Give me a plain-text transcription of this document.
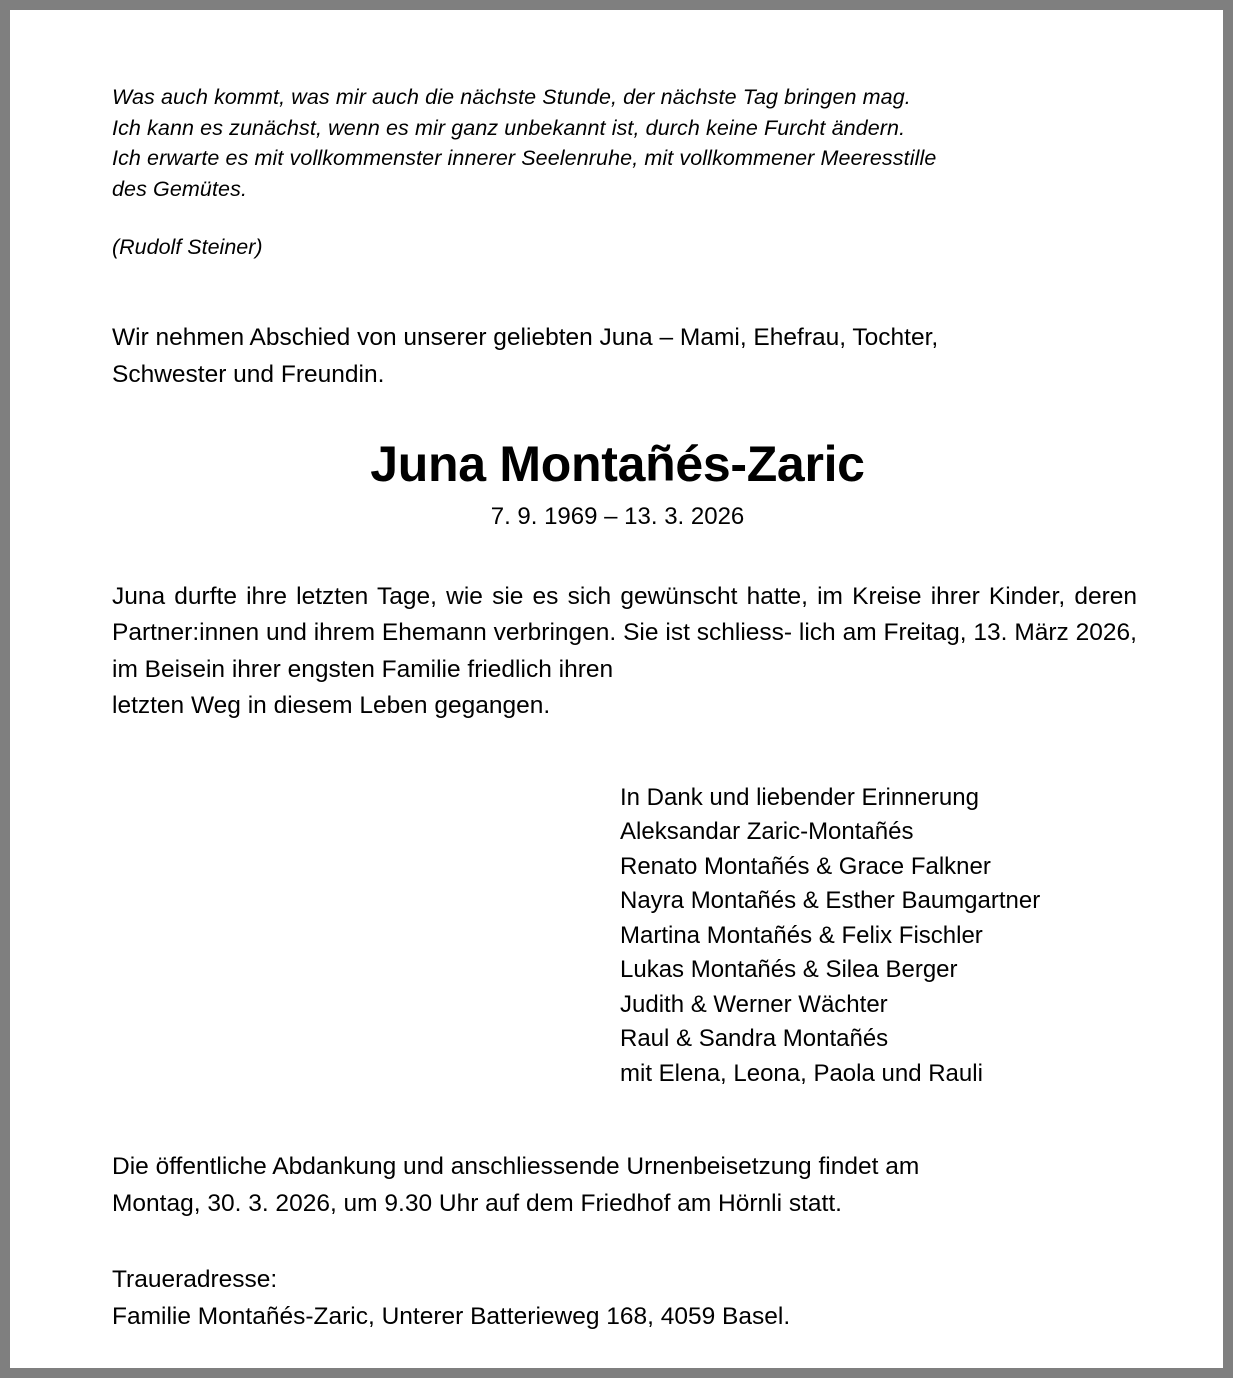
Was auch kommt, was mir auch die nächste Stunde, der nächste Tag bringen mag.
Ich kann es zunächst, wenn es mir ganz unbekannt ist, durch keine Furcht ändern.
Ich erwarte es mit vollkommenster innerer Seelenruhe, mit vollkommener Meeresstille
des Gemütes.
(Rudolf Steiner)
Wir nehmen Abschied von unserer geliebten Juna – Mami, Ehefrau, Tochter,
Schwester und Freundin.
Juna Montañés-Zaric
7. 9. 1969 – 13. 3. 2026
Juna durfte ihre letzten Tage, wie sie es sich gewünscht hatte, im Kreise ihrer Kinder, deren Partner:innen und ihrem Ehemann verbringen. Sie ist schliess- lich am Freitag, 13. März 2026, im Beisein ihrer engsten Familie friedlich ihren
letzten Weg in diesem Leben gegangen.
In Dank und liebender Erinnerung
Aleksandar Zaric-Montañés
Renato Montañés & Grace Falkner
Nayra Montañés & Esther Baumgartner
Martina Montañés & Felix Fischler
Lukas Montañés & Silea Berger
Judith & Werner Wächter
Raul & Sandra Montañés
mit Elena, Leona, Paola und Rauli
Die öffentliche Abdankung und anschliessende Urnenbeisetzung findet am
Montag, 30. 3. 2026, um 9.30 Uhr auf dem Friedhof am Hörnli statt.
Traueradresse:
Familie Montañés-Zaric, Unterer Batterieweg 168, 4059 Basel.
